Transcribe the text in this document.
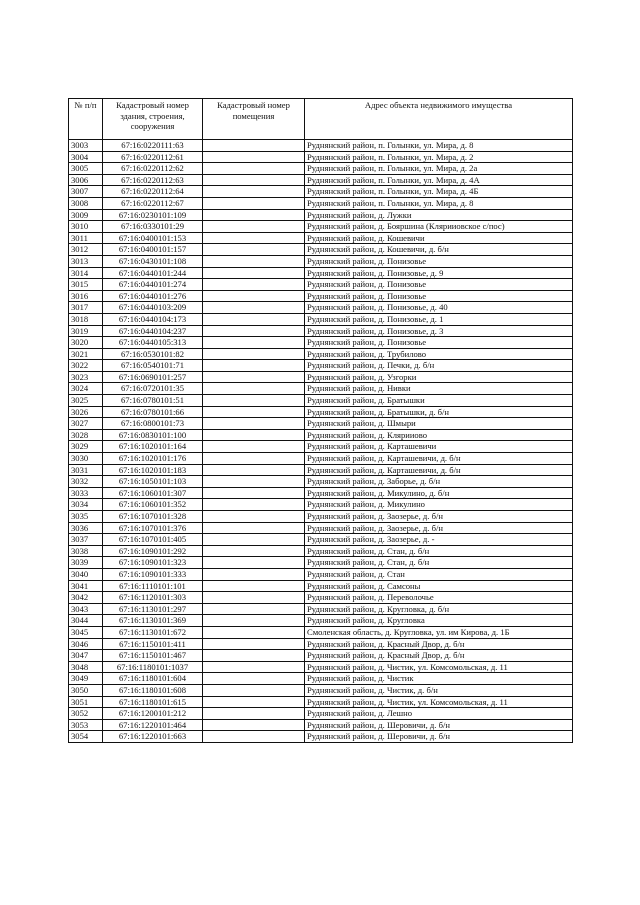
№ п/п	Кадастровый номер здания, строения, сооружения	Кадастровый номер помещения	Адрес объекта недвижимого имущества
3003	67:16:0220111:63		Руднянский район, п. Голынки, ул. Мира, д. 8
3004	67:16:0220112:61		Руднянский район, п. Голынки, ул. Мира, д. 2
3005	67:16:0220112:62		Руднянский район, п. Голынки, ул. Мира, д. 2а
3006	67:16:0220112:63		Руднянский район, п. Голынки, ул. Мира, д. 4А
3007	67:16:0220112:64		Руднянский район, п. Голынки, ул. Мира, д. 4Б
3008	67:16:0220112:67		Руднянский район, п. Голынки, ул. Мира, д. 8
3009	67:16:0230101:109		Руднянский район, д. Лужки
3010	67:16:0330101:29		Руднянский район, д. Бояршина (Клярииовское с/пос)
3011	67:16:0400101:153		Руднянский район, д. Кошевичи
3012	67:16:0400101:157		Руднянский район, д. Кошевичи, д. б/н
3013	67:16:0430101:108		Руднянский район, д. Понизовье
3014	67:16:0440101:244		Руднянский район, д. Понизовье, д. 9
3015	67:16:0440101:274		Руднянский район, д. Понизовье
3016	67:16:0440101:276		Руднянский район, д. Понизовье
3017	67:16:0440103:209		Руднянский район, д. Понизовье, д. 40
3018	67:16:0440104:173		Руднянский район, д. Понизовье, д. 1
3019	67:16:0440104:237		Руднянский район, д. Понизовье, д. 3
3020	67:16:0440105:313		Руднянский район, д. Понизовье
3021	67:16:0530101:82		Руднянский район, д. Трубилово
3022	67:16:0540101:71		Руднянский район, д. Печки, д. б/н
3023	67:16:0690101:257		Руднянский район, д. Узгорки
3024	67:16:0720101:35		Руднянский район, д. Нивки
3025	67:16:0780101:51		Руднянский район, д. Братышки
3026	67:16:0780101:66		Руднянский район, д. Братышки, д. б/н
3027	67:16:0800101:73		Руднянский район, д. Шмыри
3028	67:16:0830101:100		Руднянский район, д. Клярииово
3029	67:16:1020101:164		Руднянский район, д. Карташевичи
3030	67:16:1020101:176		Руднянский район, д. Карташевичи, д. б/н
3031	67:16:1020101:183		Руднянский район, д. Карташевичи, д. б/н
3032	67:16:1050101:103		Руднянский район, д. Заборье, д. б/н
3033	67:16:1060101:307		Руднянский район, д. Микулино, д. б/н
3034	67:16:1060101:352		Руднянский район, д. Микулино
3035	67:16:1070101:328		Руднянский район, д. Заозерье, д. б/н
3036	67:16:1070101:376		Руднянский район, д. Заозерье, д. б/н
3037	67:16:1070101:405		Руднянский район, д. Заозерье, д. -
3038	67:16:1090101:292		Руднянский район, д. Стан, д. б/н
3039	67:16:1090101:323		Руднянский район, д. Стан, д. б/н
3040	67:16:1090101:333		Руднянский район, д. Стан
3041	67:16:1110101:101		Руднянский район, д. Самсоны
3042	67:16:1120101:303		Руднянский район, д. Переволочье
3043	67:16:1130101:297		Руднянский район, д. Кругловка, д. б/н
3044	67:16:1130101:369		Руднянский район, д. Кругловка
3045	67:16:1130101:672		Смоленская область, д. Кругловка, ул. им Кирова, д. 1Б
3046	67:16:1150101:411		Руднянский район, д. Красный Двор, д. б/н
3047	67:16:1150101:467		Руднянский район, д. Красный Двор, д. б/н
3048	67:16:1180101:1037		Руднянский район, д. Чистик, ул. Комсомольская, д. 11
3049	67:16:1180101:604		Руднянский район, д. Чистик
3050	67:16:1180101:608		Руднянский район, д. Чистик, д. б/н
3051	67:16:1180101:615		Руднянский район, д. Чистик, ул. Комсомольская, д. 11
3052	67:16:1200101:212		Руднянский район, д. Лешно
3053	67:16:1220101:464		Руднянский район, д. Шеровичи, д. б/н
3054	67:16:1220101:663		Руднянский район, д. Шеровичи, д. б/н
